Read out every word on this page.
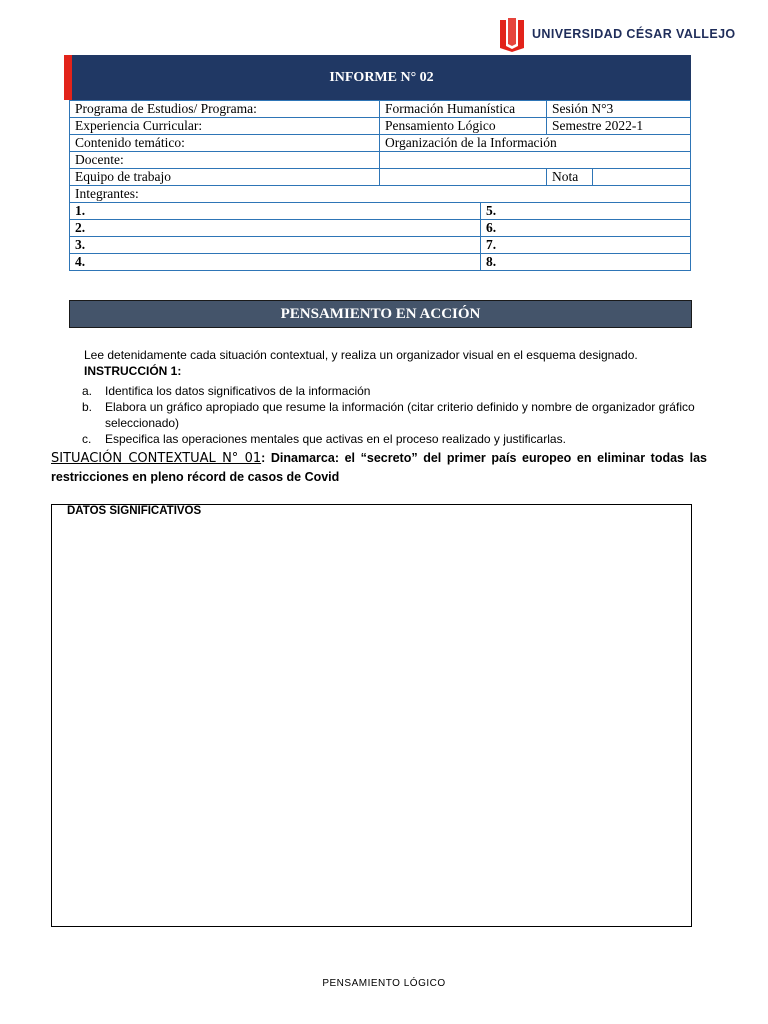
UNIVERSIDAD CÉSAR VALLEJO
INFORME N° 02
Programa de Estudios/ Programa:	Formación Humanística		Sesión N°3	
Experiencia Curricular:	Pensamiento Lógico		Semestre 2022-1	
Contenido temático:	Organización de la Información			
Docente:				
Equipo de trabajo			Nota	
Integrantes:				
1.		5.		
2.		6.		
3.		7.		
4.		8.		
PENSAMIENTO EN ACCIÓN
Lee detenidamente cada situación contextual, y realiza un organizador visual en el esquema designado.
INSTRUCCIÓN 1:
a.	Identifica los datos significativos de la información
b.	Elabora un gráfico apropiado que resume la información (citar criterio definido y nombre de organizador gráfico seleccionado)
c.	Especifica las operaciones mentales que activas en el proceso realizado y justificarlas.
SITUACIÓN CONTEXTUAL N° 01: Dinamarca: el “secreto” del primer país europeo en eliminar todas las restricciones en pleno récord de casos de Covid
DATOS SIGNIFICATIVOS
PENSAMIENTO LÓGICO
